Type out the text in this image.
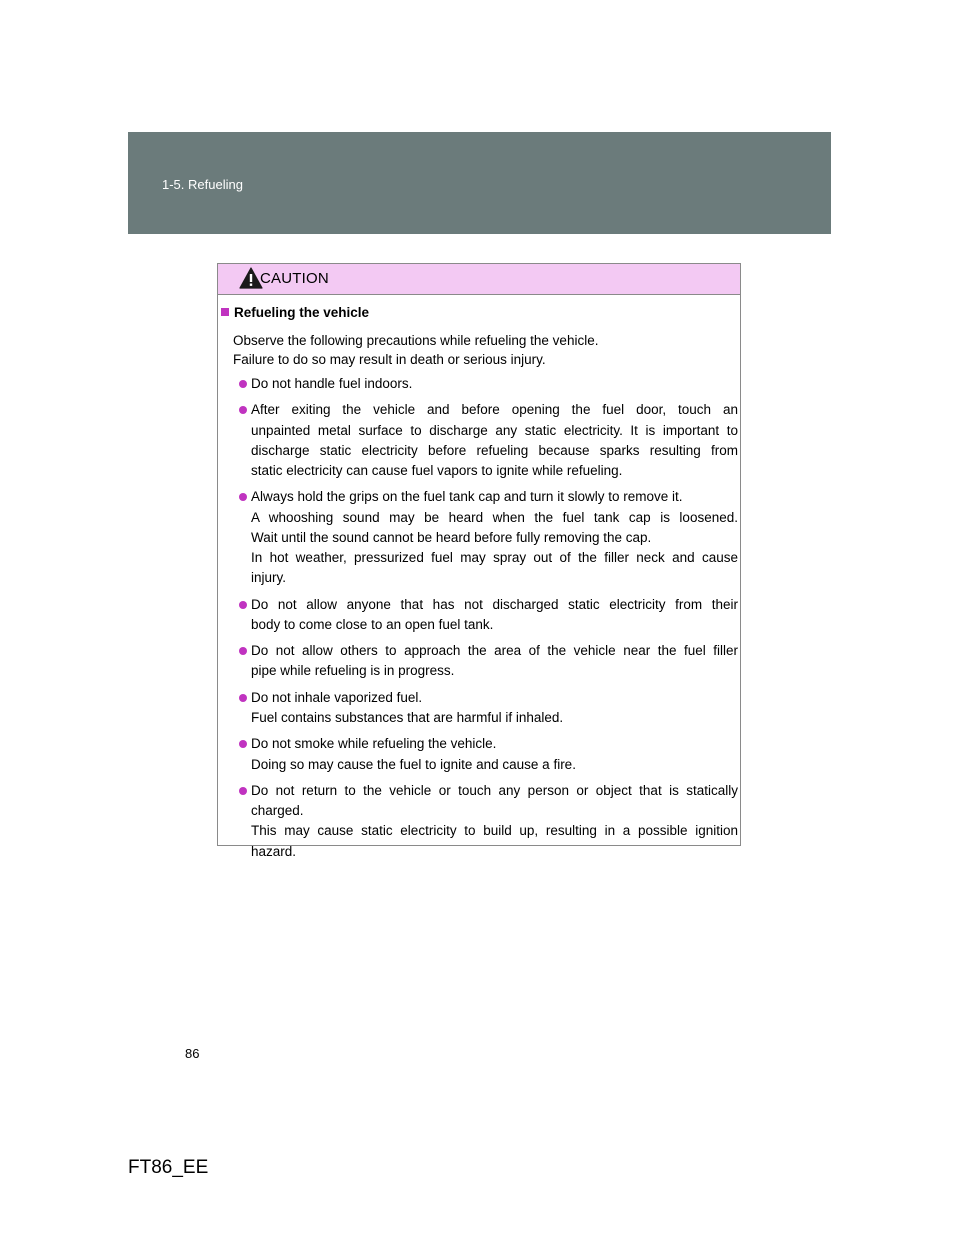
1-5. Refueling
CAUTION
Refueling the vehicle
Observe the following precautions while refueling the vehicle.
Failure to do so may result in death or serious injury.
Do not handle fuel indoors.
After exiting the vehicle and before opening the fuel door, touch an
unpainted metal surface to discharge any static electricity. It is important to
discharge static electricity before refueling because sparks resulting from
static electricity can cause fuel vapors to ignite while refueling.
Always hold the grips on the fuel tank cap and turn it slowly to remove it.
A whooshing sound may be heard when the fuel tank cap is loosened.
Wait until the sound cannot be heard before fully removing the cap.
In hot weather, pressurized fuel may spray out of the filler neck and cause
injury.
Do not allow anyone that has not discharged static electricity from their
body to come close to an open fuel tank.
Do not allow others to approach the area of the vehicle near the fuel filler
pipe while refueling is in progress.
Do not inhale vaporized fuel.
Fuel contains substances that are harmful if inhaled.
Do not smoke while refueling the vehicle.
Doing so may cause the fuel to ignite and cause a fire.
Do not return to the vehicle or touch any person or object that is statically
charged.
This may cause static electricity to build up, resulting in a possible ignition
hazard.
86
FT86_EE
